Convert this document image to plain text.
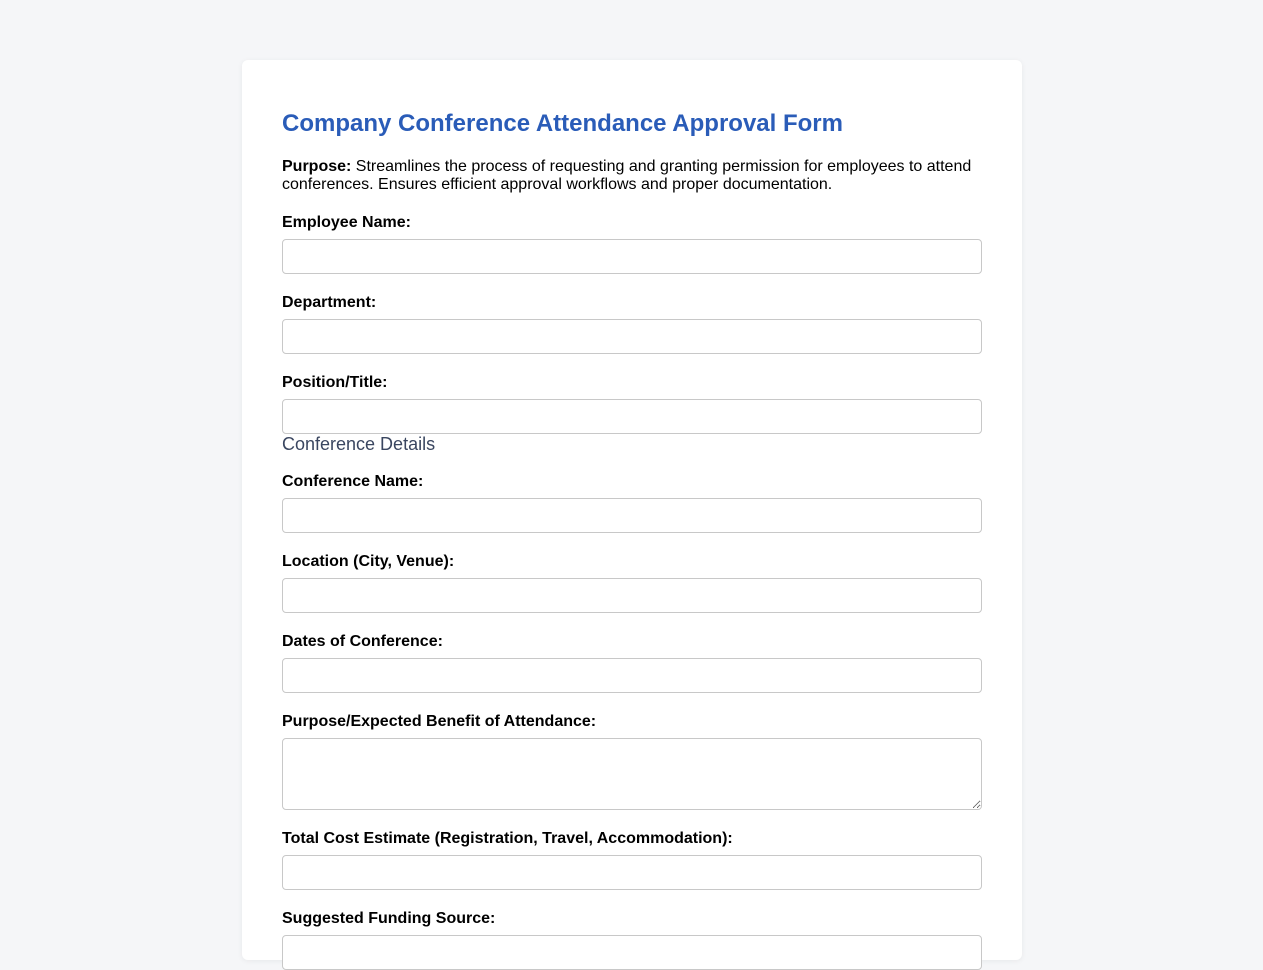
Company Conference Attendance Approval Form
Purpose: Streamlines the process of requesting and granting permission for employees to attend conferences. Ensures efficient approval workflows and proper documentation.
Employee Name:
Department:
Position/Title:
Conference Details
Conference Name:
Location (City, Venue):
Dates of Conference:
Purpose/Expected Benefit of Attendance:
Total Cost Estimate (Registration, Travel, Accommodation):
Suggested Funding Source:
